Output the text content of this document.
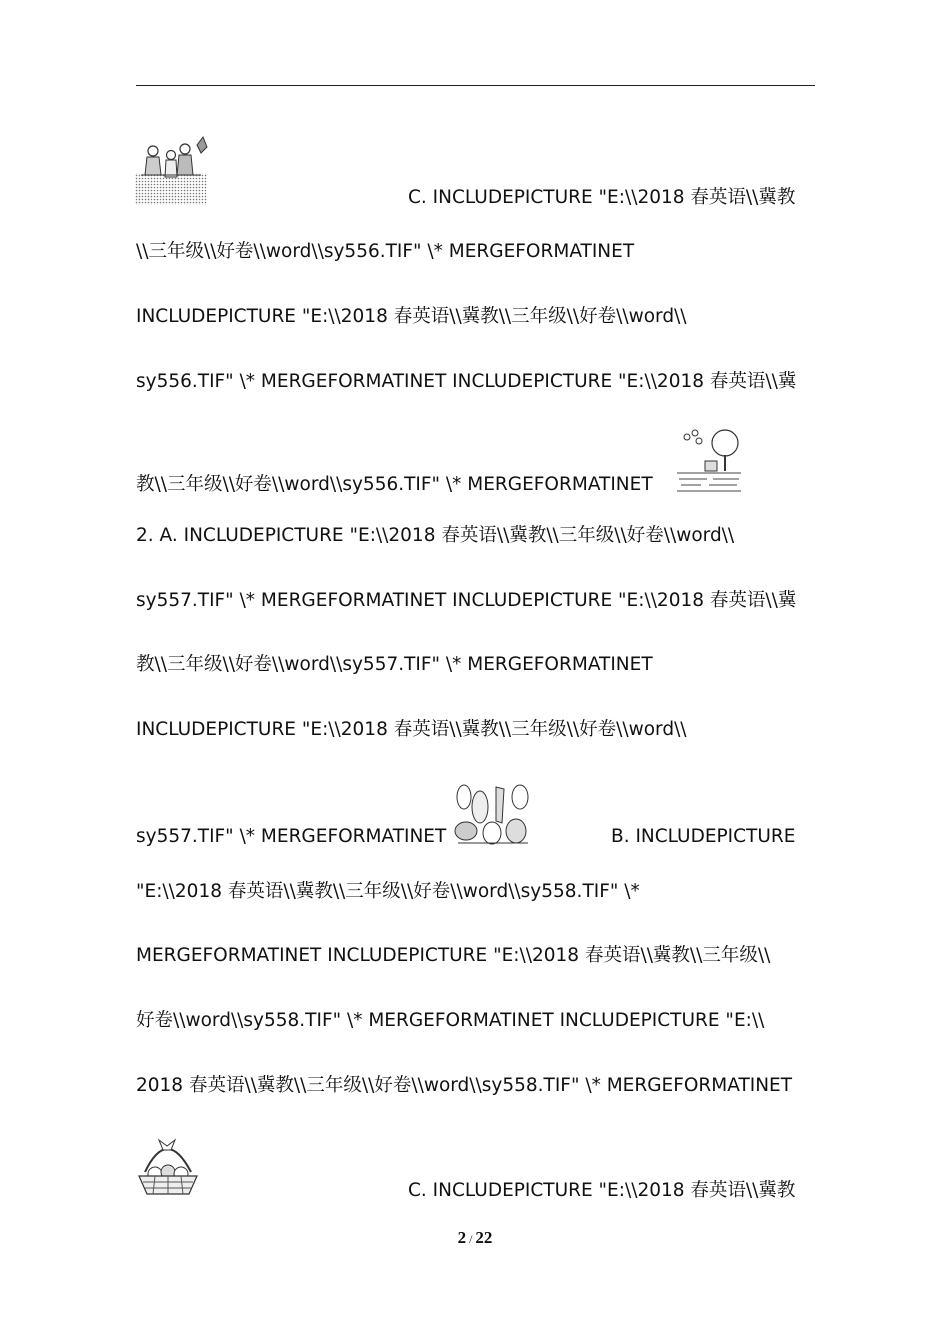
C. INCLUDEPICTURE "E:\\2018 春英语\\冀教
\\三年级\\好卷\\word\\sy556.TIF" \* MERGEFORMATINET
INCLUDEPICTURE "E:\\2018 春英语\\冀教\\三年级\\好卷\\word\\
sy556.TIF" \* MERGEFORMATINET INCLUDEPICTURE "E:\\2018 春英语\\冀
教\\三年级\\好卷\\word\\sy556.TIF" \* MERGEFORMATINET
2. A. INCLUDEPICTURE "E:\\2018 春英语\\冀教\\三年级\\好卷\\word\\
sy557.TIF" \* MERGEFORMATINET INCLUDEPICTURE "E:\\2018 春英语\\冀
教\\三年级\\好卷\\word\\sy557.TIF" \* MERGEFORMATINET
INCLUDEPICTURE "E:\\2018 春英语\\冀教\\三年级\\好卷\\word\\
sy557.TIF" \* MERGEFORMATINET	B. INCLUDEPICTURE
"E:\\2018 春英语\\冀教\\三年级\\好卷\\word\\sy558.TIF" \*
MERGEFORMATINET INCLUDEPICTURE "E:\\2018 春英语\\冀教\\三年级\\
好卷\\word\\sy558.TIF" \* MERGEFORMATINET INCLUDEPICTURE "E:\\
2018 春英语\\冀教\\三年级\\好卷\\word\\sy558.TIF" \* MERGEFORMATINET
C. INCLUDEPICTURE "E:\\2018 春英语\\冀教
2 / 22
